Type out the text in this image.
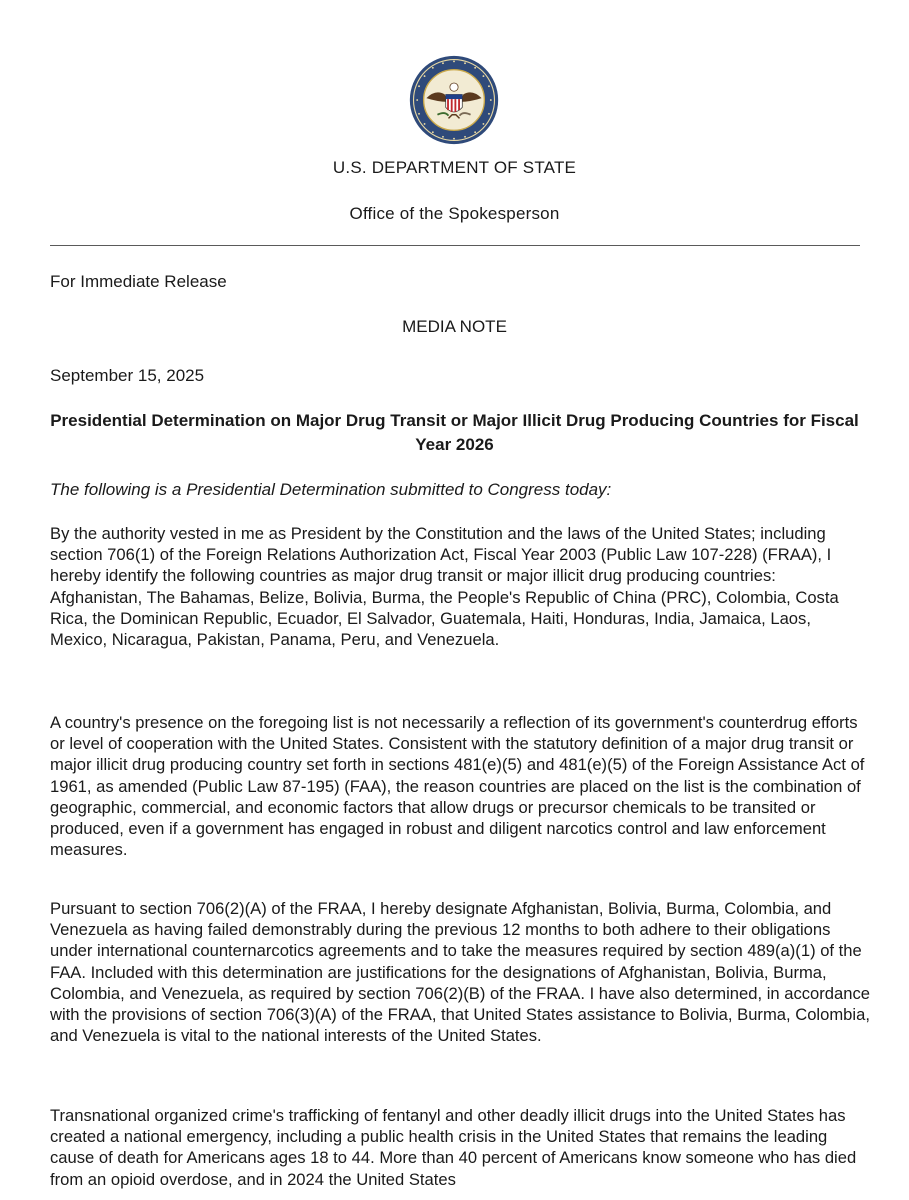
U.S. DEPARTMENT OF STATE
Office of the Spokesperson
For Immediate Release
MEDIA NOTE
September 15, 2025
Presidential Determination on Major Drug Transit or Major Illicit Drug Producing Countries for Fiscal Year 2026
The following is a Presidential Determination submitted to Congress today:

By the authority vested in me as President by the Constitution and the laws of the United States; including section 706(1) of the Foreign Relations Authorization Act, Fiscal Year 2003 (Public Law 107-228) (FRAA), I hereby identify the following countries as major drug transit or major illicit drug producing countries: Afghanistan, The Bahamas, Belize, Bolivia, Burma, the People's Republic of China (PRC), Colombia, Costa Rica, the Dominican Republic, Ecuador, El Salvador, Guatemala, Haiti, Honduras, India, Jamaica, Laos, Mexico, Nicaragua, Pakistan, Panama, Peru, and Venezuela.

A country's presence on the foregoing list is not necessarily a reflection of its government's counterdrug efforts or level of cooperation with the United States. Consistent with the statutory definition of a major drug transit or major illicit drug producing country set forth in sections 481(e)(5) and 481(e)(5) of the Foreign Assistance Act of 1961, as amended (Public Law 87-195) (FAA), the reason countries are placed on the list is the combination of geographic, commercial, and economic factors that allow drugs or precursor chemicals to be transited or produced, even if a government has engaged in robust and diligent narcotics control and law enforcement measures.

Pursuant to section 706(2)(A) of the FRAA, I hereby designate Afghanistan, Bolivia, Burma, Colombia, and Venezuela as having failed demonstrably during the previous 12 months to both adhere to their obligations under international counternarcotics agreements and to take the measures required by section 489(a)(1) of the FAA. Included with this determination are justifications for the designations of Afghanistan, Bolivia, Burma, Colombia, and Venezuela, as required by section 706(2)(B) of the FRAA. I have also determined, in accordance with the provisions of section 706(3)(A) of the FRAA, that United States assistance to Bolivia, Burma, Colombia, and Venezuela is vital to the national interests of the United States.

Transnational organized crime's trafficking of fentanyl and other deadly illicit drugs into the United States has created a national emergency, including a public health crisis in the United States that remains the leading cause of death for Americans ages 18 to 44. More than 40 percent of Americans know someone who has died from an opioid overdose, and in 2024 the United States
